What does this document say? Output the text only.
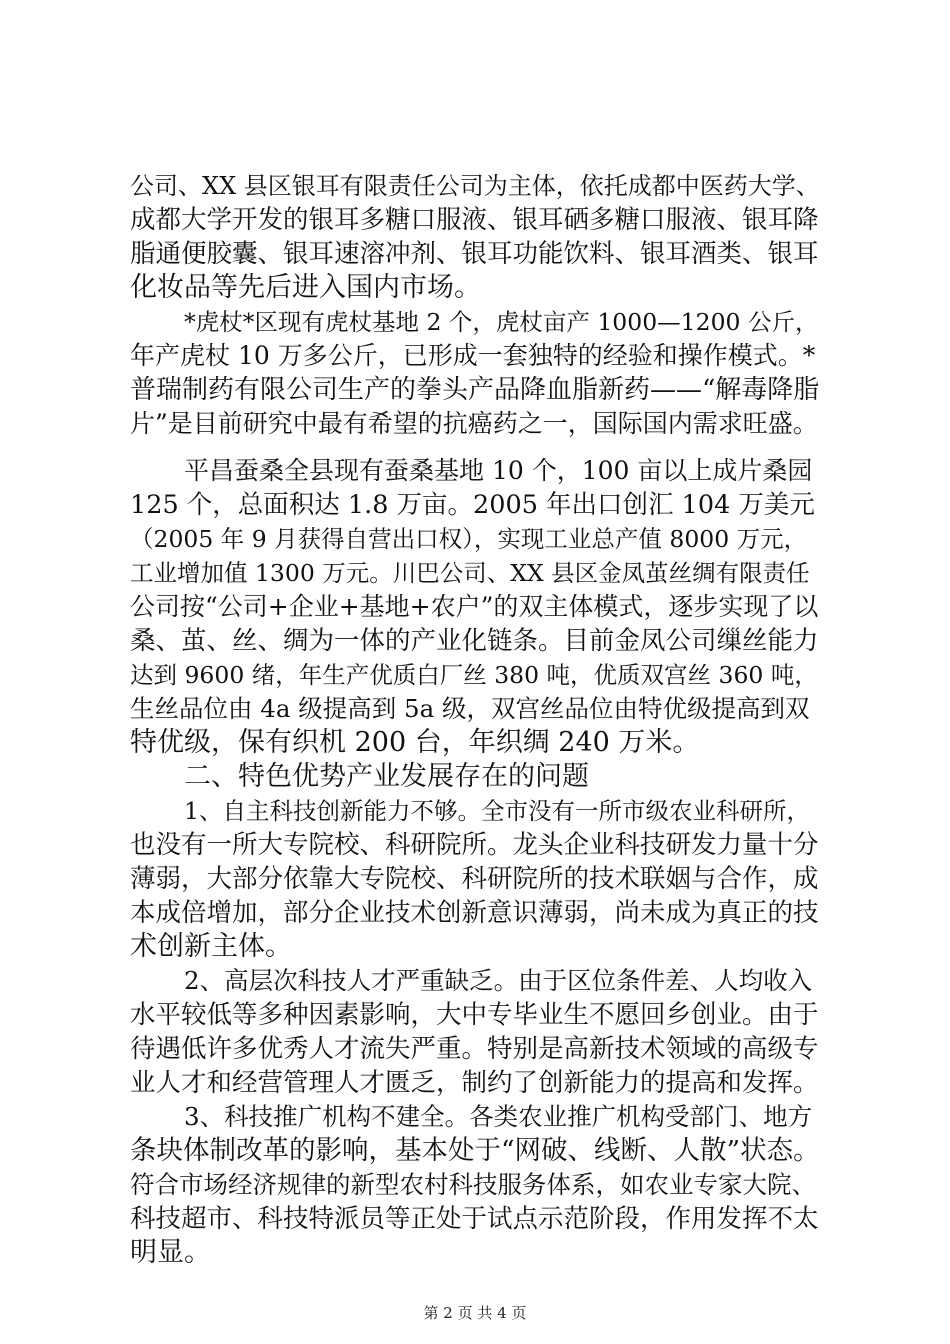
公司、XX 县区银耳有限责任公司为主体，依托成都中医药大学、
成都大学开发的银耳多糖口服液、银耳硒多糖口服液、银耳降
脂通便胶囊、银耳速溶冲剂、银耳功能饮料、银耳酒类、银耳
化妆品等先后进入国内市场。
*虎杖*区现有虎杖基地 2 个，虎杖亩产 1000—1200 公斤，
年产虎杖 10 万多公斤，已形成一套独特的经验和操作模式。*
普瑞制药有限公司生产的拳头产品降血脂新药——“解毒降脂
片”是目前研究中最有希望的抗癌药之一，国际国内需求旺盛。
平昌蚕桑全县现有蚕桑基地 10 个，100 亩以上成片桑园
125 个，总面积达 1.8 万亩。2005 年出口创汇 104 万美元
（2005 年 9 月获得自营出口权），实现工业总产值 8000 万元，
工业增加值 1300 万元。川巴公司、XX 县区金凤茧丝绸有限责任
公司按“公司+企业+基地+农户”的双主体模式，逐步实现了以
桑、茧、丝、绸为一体的产业化链条。目前金凤公司缫丝能力
达到 9600 绪，年生产优质白厂丝 380 吨，优质双宫丝 360 吨，
生丝品位由 4a 级提高到 5a 级，双宫丝品位由特优级提高到双
特优级，保有织机 200 台，年织绸 240 万米。
二、特色优势产业发展存在的问题
1、自主科技创新能力不够。全市没有一所市级农业科研所，
也没有一所大专院校、科研院所。龙头企业科技研发力量十分
薄弱，大部分依靠大专院校、科研院所的技术联姻与合作，成
本成倍增加，部分企业技术创新意识薄弱，尚未成为真正的技
术创新主体。
2、高层次科技人才严重缺乏。由于区位条件差、人均收入
水平较低等多种因素影响，大中专毕业生不愿回乡创业。由于
待遇低许多优秀人才流失严重。特别是高新技术领域的高级专
业人才和经营管理人才匮乏，制约了创新能力的提高和发挥。
3、科技推广机构不建全。各类农业推广机构受部门、地方
条块体制改革的影响，基本处于“网破、线断、人散”状态。
符合市场经济规律的新型农村科技服务体系，如农业专家大院、
科技超市、科技特派员等正处于试点示范阶段，作用发挥不太
明显。
第 2 页 共 4 页
